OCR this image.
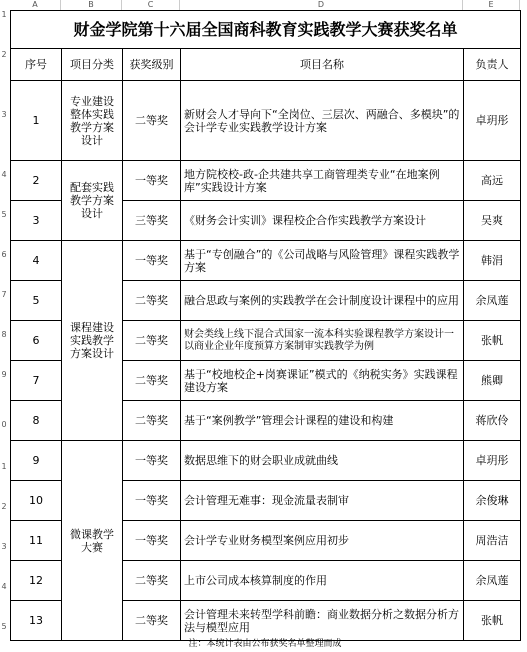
A	B	C	D	E
1
2
3
4
5
6
7
8
9
0
1
2
3
4
5
财金学院第十六届全国商科教育实践教学大赛获奖名单				
序号	项目分类	获奖级别	项目名称	负责人
1	专业建设整体实践教学方案设计	二等奖	新财会人才导向下“全岗位、三层次、两融合、多模块”的会计学专业实践教学设计方案	卓玥彤
2	配套实践教学方案设计	一等奖	地方院校校-政-企共建共享工商管理类专业“在地案例库”实践设计方案	高远
3		三等奖	《财务会计实训》课程校企合作实践教学方案设计	吴爽
4	课程建设实践教学方案设计	一等奖	基于“专创融合”的《公司战略与风险管理》课程实践教学方案	韩涓
5		二等奖	融合思政与案例的实践教学在会计制度设计课程中的应用	余凤莲
6		二等奖	财会类线上线下混合式国家一流本科实验课程教学方案设计一以商业企业年度预算方案制审实践教学为例	张帆
7		二等奖	基于“校地校企+岗赛课证”模式的《纳税实务》实践课程建设方案	熊卿
8		二等奖	基于“案例教学”管理会计课程的建设和构建	蒋欣伶
9	微课教学大赛	一等奖	数据思维下的财会职业成就曲线	卓玥彤
10		一等奖	会计管理无难事：现金流量表制审	余俊琳
11		一等奖	会计学专业财务模型案例应用初步	周浩洁
12		二等奖	上市公司成本核算制度的作用	余凤莲
13		二等奖	会计管理未来转型学科前瞻：商业数据分析之数据分析方法与模型应用	张帆
注：本统计表由公布获奖名单整理而成
